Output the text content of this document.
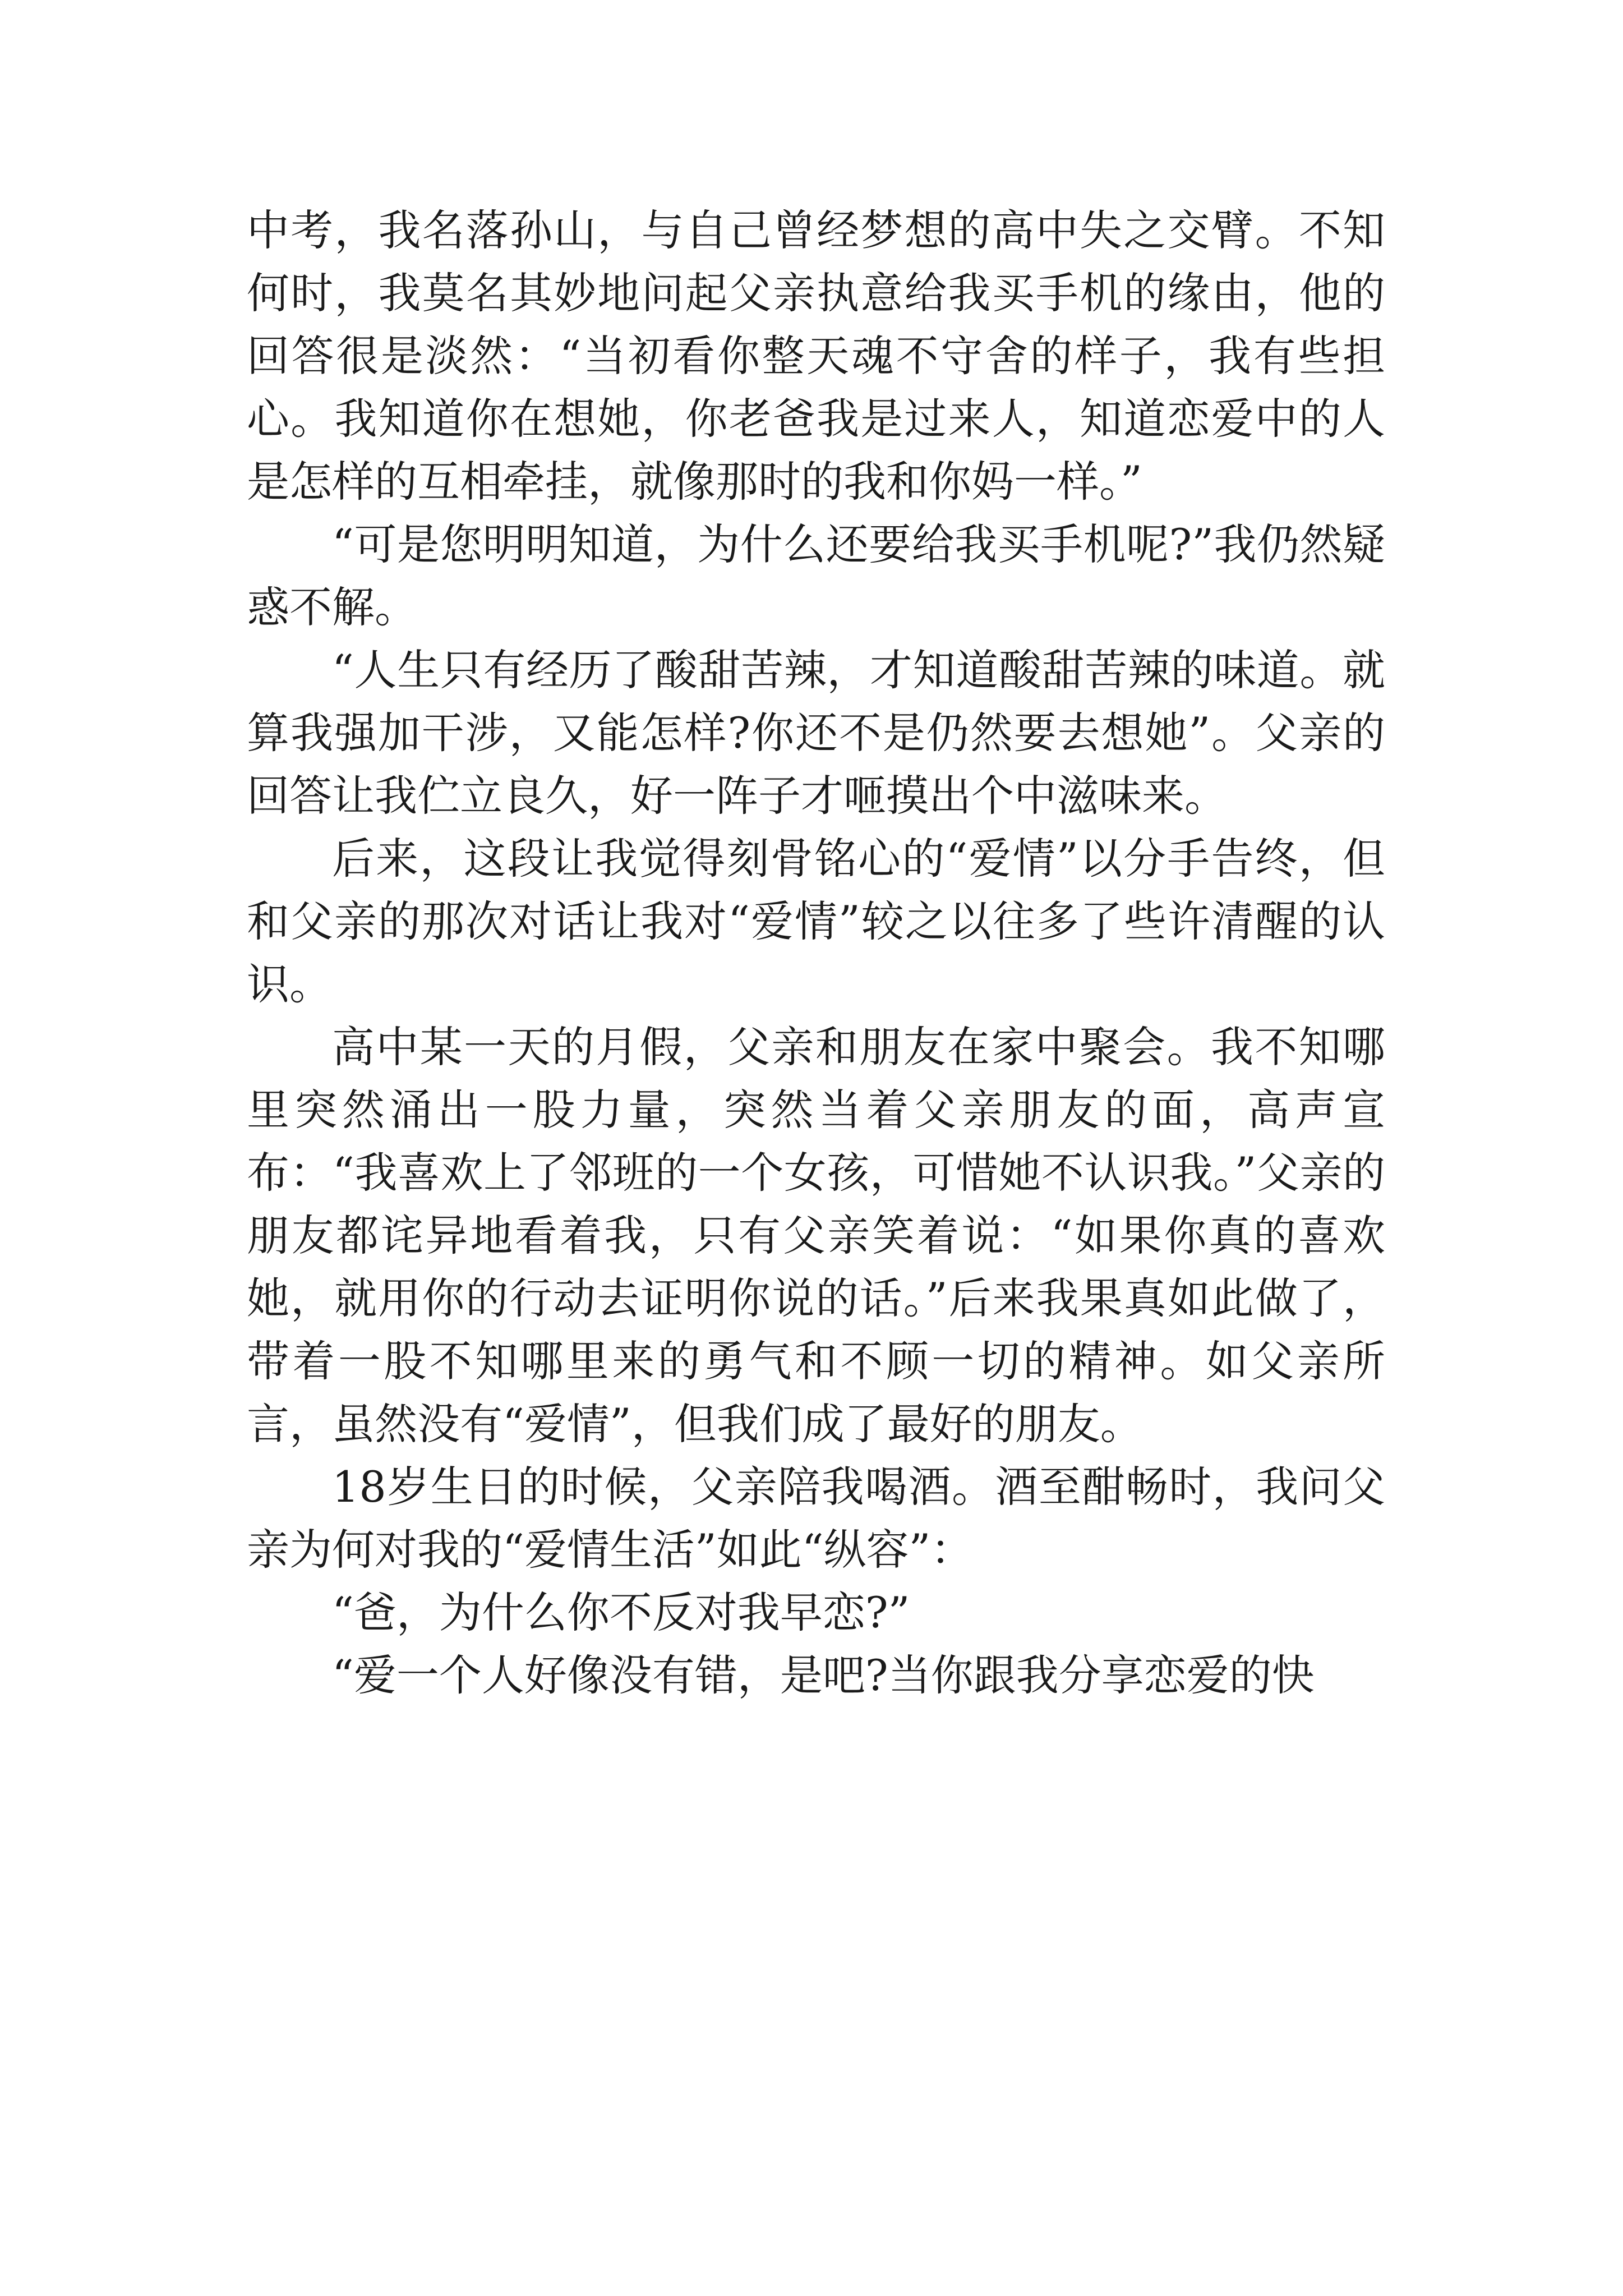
中考，我名落孙山，与自己曾经梦想的高中失之交臂。不知何时，我莫名其妙地问起父亲执意给我买手机的缘由，他的回答很是淡然：“当初看你整天魂不守舍的样子，我有些担心。我知道你在想她，你老爸我是过来人，知道恋爱中的人是怎样的互相牵挂，就像那时的我和你妈一样。”

“可是您明明知道，为什么还要给我买手机呢?”我仍然疑惑不解。

“人生只有经历了酸甜苦辣，才知道酸甜苦辣的味道。就算我强加干涉，又能怎样?你还不是仍然要去想她”。父亲的回答让我伫立良久，好一阵子才咂摸出个中滋味来。

后来，这段让我觉得刻骨铭心的“爱情”以分手告终，但和父亲的那次对话让我对“爱情”较之以往多了些许清醒的认识。

高中某一天的月假，父亲和朋友在家中聚会。我不知哪里突然涌出一股力量，突然当着父亲朋友的面，高声宣布：“我喜欢上了邻班的一个女孩，可惜她不认识我。”父亲的朋友都诧异地看着我，只有父亲笑着说：“如果你真的喜欢她，就用你的行动去证明你说的话。”后来我果真如此做了，带着一股不知哪里来的勇气和不顾一切的精神。如父亲所言，虽然没有“爱情”，但我们成了最好的朋友。

18岁生日的时候，父亲陪我喝酒。酒至酣畅时，我问父亲为何对我的“爱情生活”如此“纵容”：

“爸，为什么你不反对我早恋?”

“爱一个人好像没有错，是吧?当你跟我分享恋爱的快
